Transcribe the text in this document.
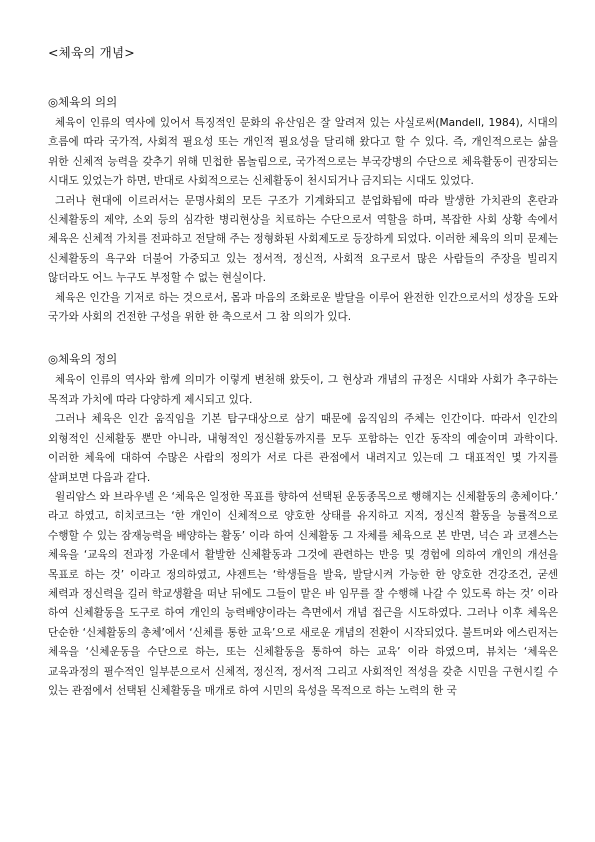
<체육의 개념>
◎체육의 의의

체육이 인류의 역사에 있어서 특징적인 문화의 유산임은 잘 알려져 있는 사실로써(Mandell, 1984), 시대의 흐름에 따라 국가적, 사회적 필요성 또는 개인적 필요성을 달리해 왔다고 할 수 있다. 즉, 개인적으로는 삶을 위한 신체적 능력을 갖추기 위해 민첩한 몸놀림으로, 국가적으로는 부국강병의 수단으로 체육활동이 권장되는 시대도 있었는가 하면, 반대로 사회적으로는 신체활동이 천시되거나 금지되는 시대도 있었다.

그러나 현대에 이르러서는 문명사회의 모든 구조가 기계화되고 분업화됨에 따라 발생한 가치관의 혼란과 신체활동의 제약, 소외 등의 심각한 병리현상을 치료하는 수단으로서 역할을 하며, 복잡한 사회 상황 속에서 체육은 신체적 가치를 전파하고 전달해 주는 정형화된 사회제도로 등장하게 되었다. 이러한 체육의 의미 문제는 신체활동의 욕구와 더불어 가중되고 있는 정서적, 정신적, 사회적 요구로서 많은 사람들의 주장을 빌리지 않더라도 어느 누구도 부정할 수 없는 현실이다.

체육은 인간을 기저로 하는 것으로서, 몸과 마음의 조화로운 발달을 이루어 완전한 인간으로서의 성장을 도와 국가와 사회의 건전한 구성을 위한 한 축으로서 그 참 의의가 있다.

◎체육의 정의

체육이 인류의 역사와 함께 의미가 이렇게 변천해 왔듯이, 그 현상과 개념의 규정은 시대와 사회가 추구하는 목적과 가치에 따라 다양하게 제시되고 있다.

그러나 체육은 인간 움직임을 기본 탐구대상으로 삼기 때문에 움직임의 주체는 인간이다. 따라서 인간의 외형적인 신체활동 뿐만 아니라, 내형적인 정신활동까지를 모두 포함하는 인간 동작의 예술이며 과학이다. 이러한 체육에 대하여 수많은 사람의 정의가 서로 다른 관점에서 내려지고 있는데 그 대표적인 몇 가지를 살펴보면 다음과 같다.

윌리암스 와 브라우넬 은 ‘체육은 일정한 목표를 향하여 선택된 운동종목으로 행해지는 신체활동의 총체이다.’ 라고 하였고, 히치코크는 ‘한 개인이 신체적으로 양호한 상태를 유지하고 지적, 정신적 활동을 능률적으로 수행할 수 있는 잠재능력을 배양하는 활동’ 이라 하여 신체활동 그 자체를 체육으로 본 반면, 넉슨 과 코젠스는 체육을 ‘교육의 전과정 가운데서 활발한 신체활동과 그것에 관련하는 반응 및 경험에 의하여 개인의 개선을 목표로 하는 것’ 이라고 정의하였고, 샤젠트는 ‘학생들을 발육, 발달시켜 가능한 한 양호한 건강조건, 굳센 체력과 정신력을 길러 학교생활을 떠난 뒤에도 그들이 맡은 바 임무를 잘 수행해 나갈 수 있도록 하는 것’ 이라 하여 신체활동을 도구로 하여 개인의 능력배양이라는 측면에서 개념 접근을 시도하였다. 그러나 이후 체육은 단순한 ‘신체활동의 총체’에서 ‘신체를 통한 교육’으로 새로운 개념의 전환이 시작되었다. 불트머와 에스린저는 체육을 ‘신체운동을 수단으로 하는, 또는 신체활동을 통하여 하는 교육’ 이라 하였으며, 뷰치는 ‘체육은 교육과정의 필수적인 일부분으로서 신체적, 정신적, 정서적 그리고 사회적인 적성을 갖춘 시민을 구현시킬 수 있는 관점에서 선택된 신체활동을 매개로 하여 시민의 육성을 목적으로 하는 노력의 한 국
